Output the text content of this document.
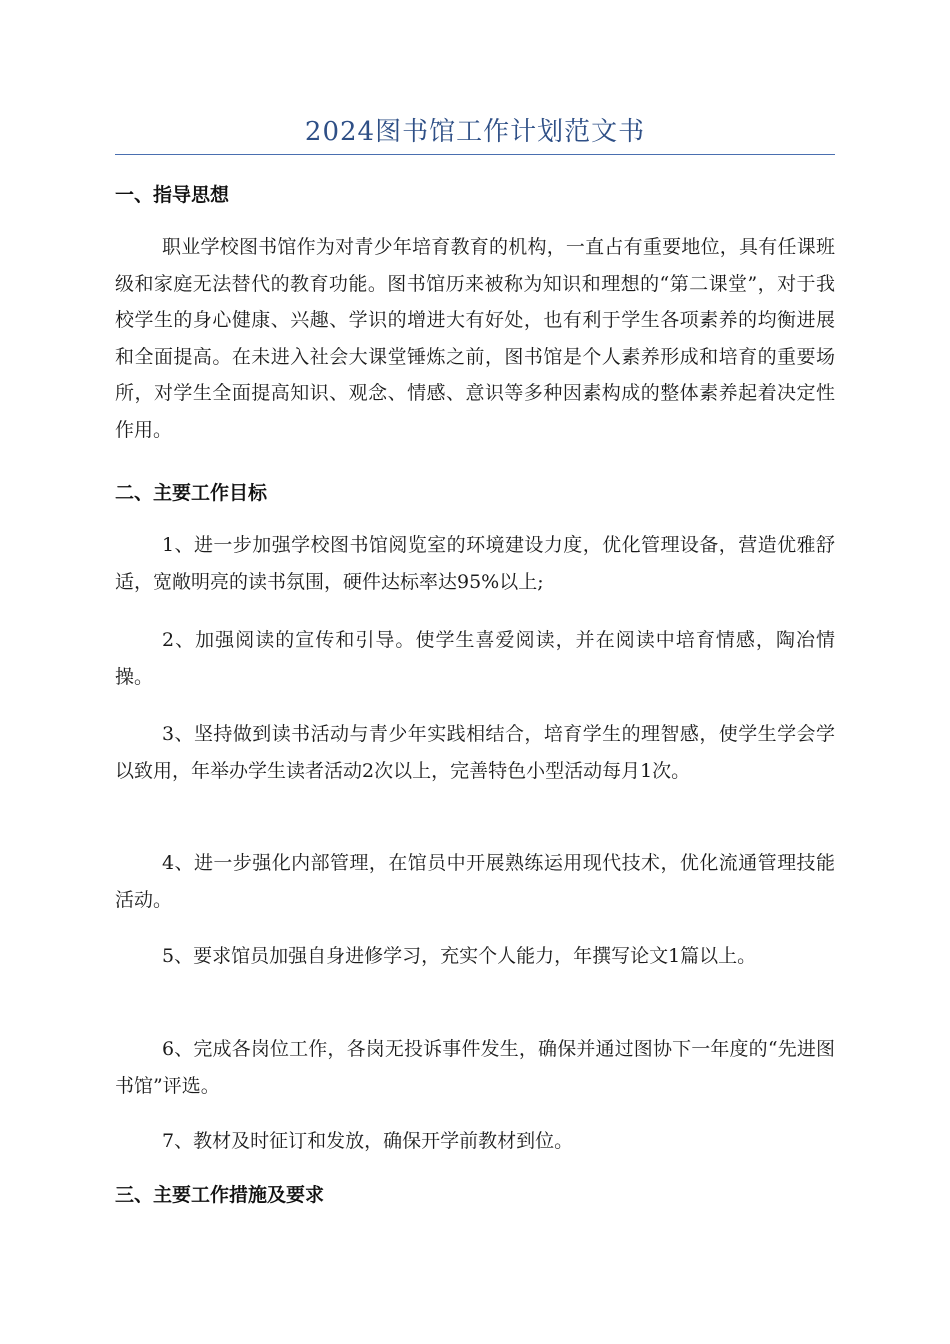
2024图书馆工作计划范文书
一、指导思想

职业学校图书馆作为对青少年培育教育的机构，一直占有重要地位，具有任课班级和家庭无法替代的教育功能。图书馆历来被称为知识和理想的“第二课堂”，对于我校学生的身心健康、兴趣、学识的增进大有好处，也有利于学生各项素养的均衡进展和全面提高。在未进入社会大课堂锤炼之前，图书馆是个人素养形成和培育的重要场所，对学生全面提高知识、观念、情感、意识等多种因素构成的整体素养起着决定性作用。

二、主要工作目标

1、进一步加强学校图书馆阅览室的环境建设力度，优化管理设备，营造优雅舒适，宽敞明亮的读书氛围，硬件达标率达95%以上;

2、加强阅读的宣传和引导。使学生喜爱阅读，并在阅读中培育情感，陶冶情操。

3、坚持做到读书活动与青少年实践相结合，培育学生的理智感，使学生学会学以致用，年举办学生读者活动2次以上，完善特色小型活动每月1次。

4、进一步强化内部管理，在馆员中开展熟练运用现代技术，优化流通管理技能活动。

5、要求馆员加强自身进修学习，充实个人能力，年撰写论文1篇以上。

6、完成各岗位工作，各岗无投诉事件发生，确保并通过图协下一年度的“先进图书馆”评选。

7、教材及时征订和发放，确保开学前教材到位。

三、主要工作措施及要求
